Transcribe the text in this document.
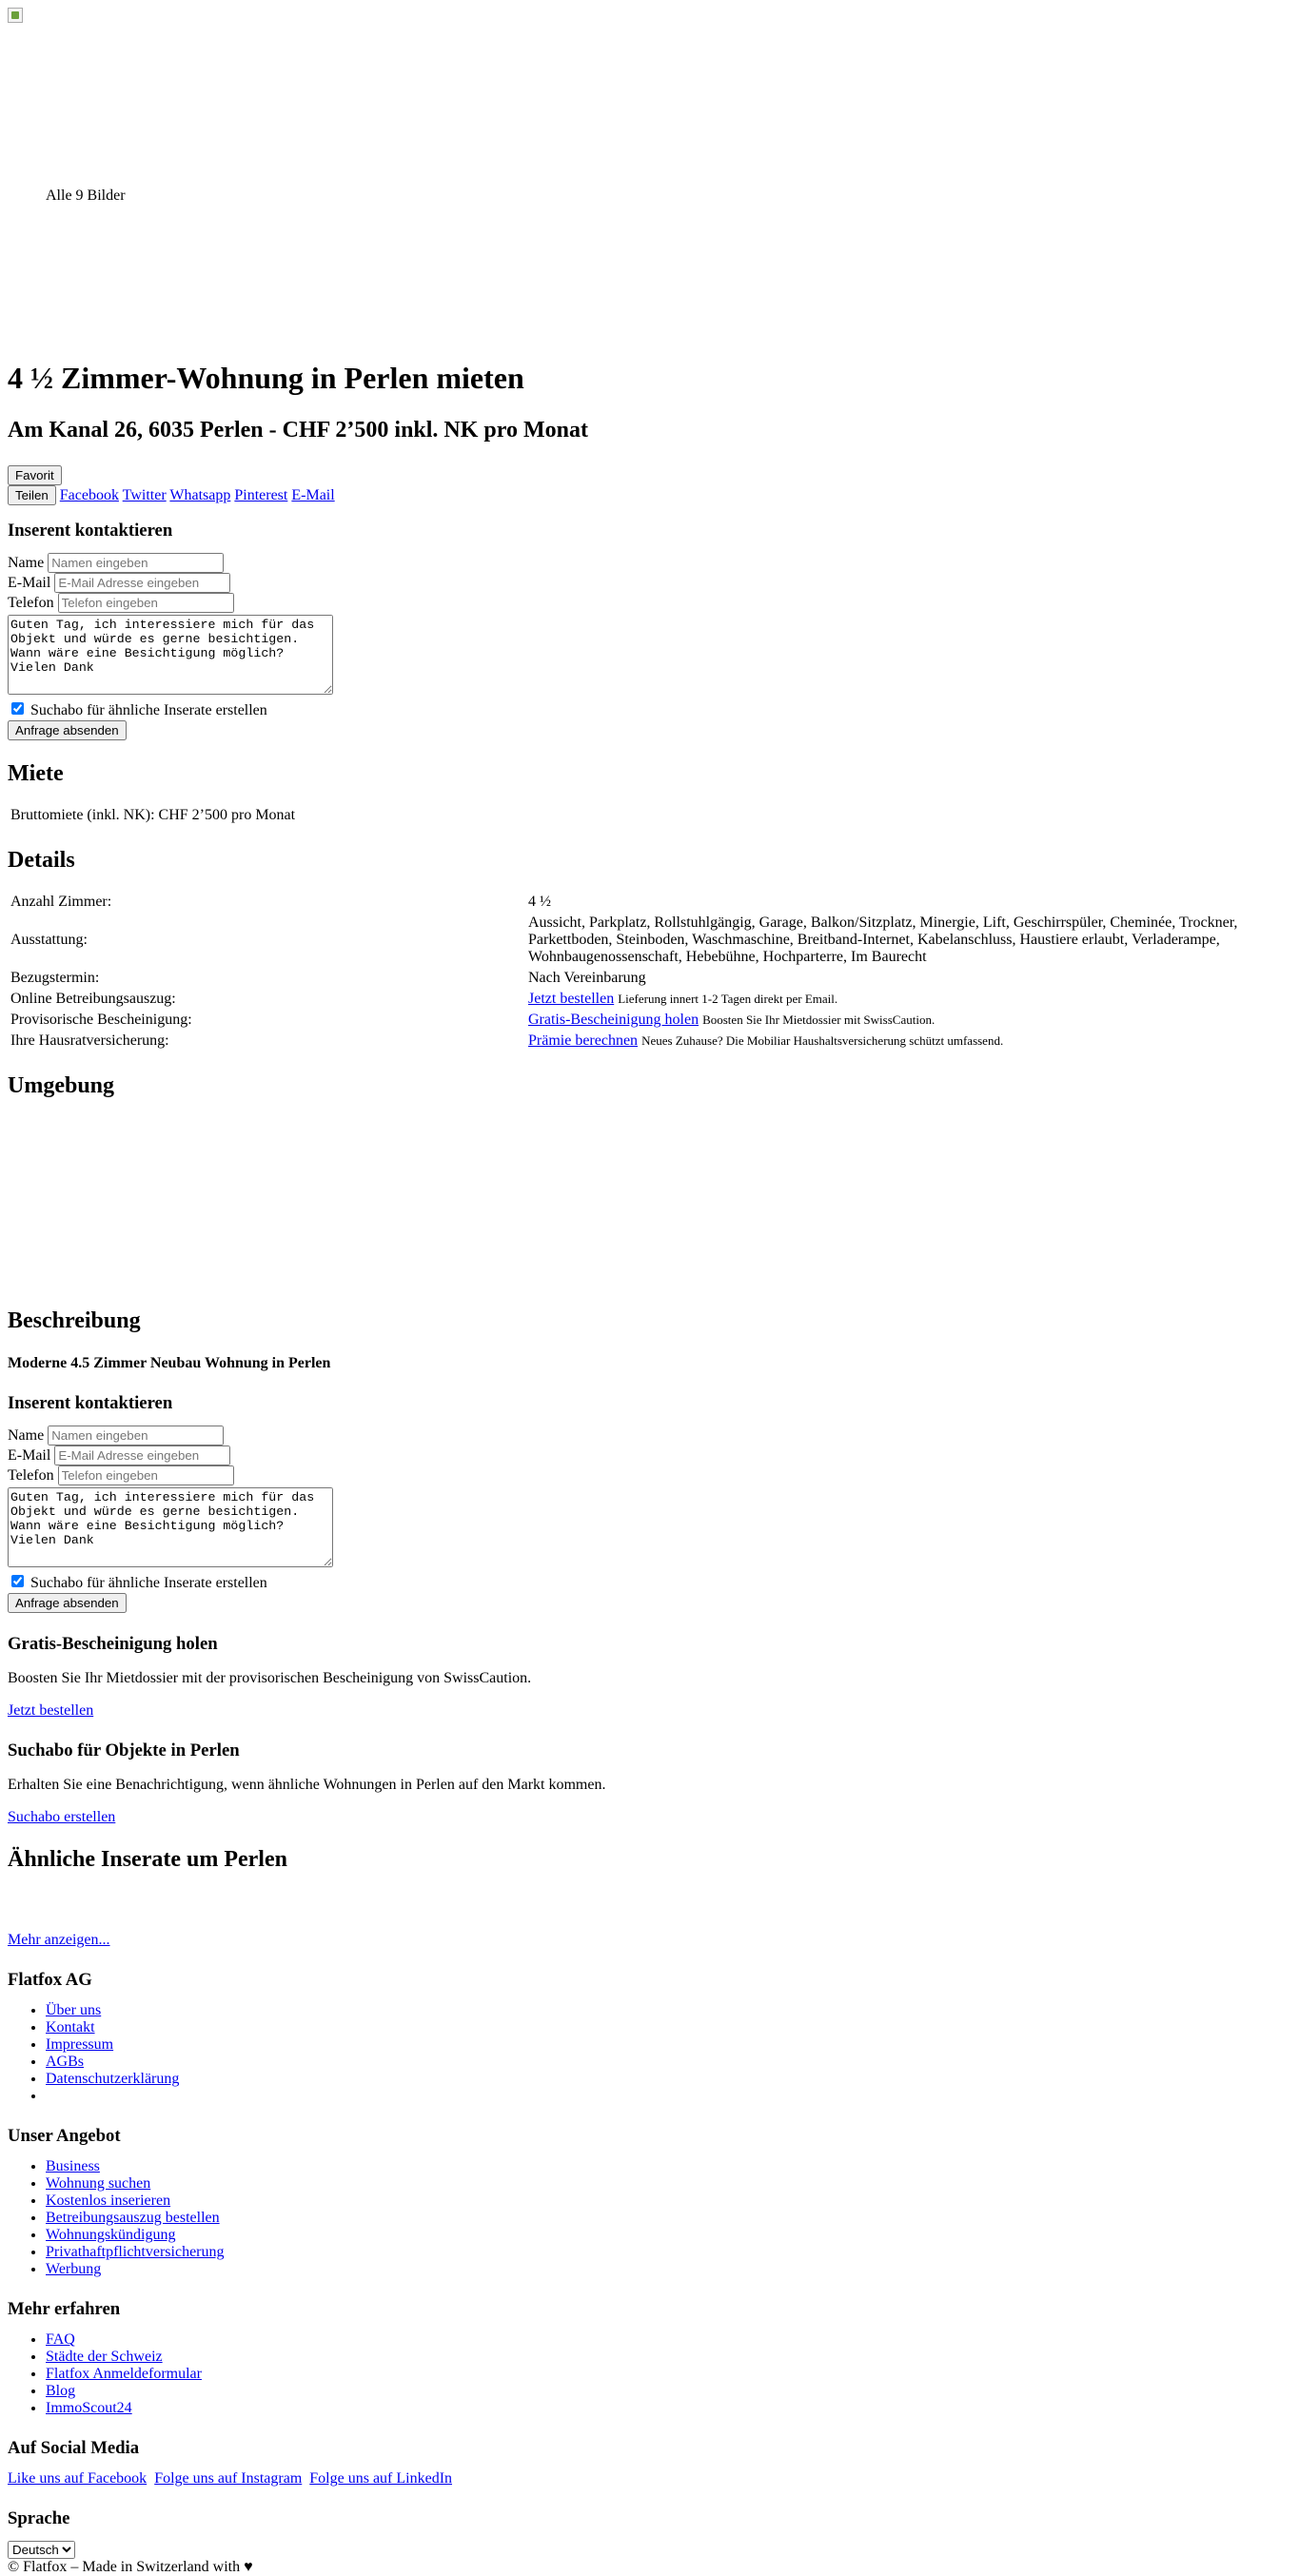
Alle 9 Bilder
4 ½ Zimmer-Wohnung in Perlen mieten
Am Kanal 26, 6035 Perlen - CHF 2’500 inkl. NK pro Monat
Favorit
Teilen Facebook Twitter Whatsapp Pinterest E-Mail
Inserent kontaktieren
Name Namen eingeben
E-Mail E-Mail Adresse eingeben
Telefon Telefon eingeben
Guten Tag, ich interessiere mich für das Objekt und würde es gerne besichtigen. Wann wäre eine Besichtigung möglich? Vielen Dank
Suchabo für ähnliche Inserate erstellen
Anfrage absenden
Miete
Bruttomiete (inkl. NK): CHF 2’500 pro Monat
Details
Anzahl Zimmer:	4 ½
Ausstattung:	Aussicht, Parkplatz, Rollstuhlgängig, Garage, Balkon/Sitzplatz, Minergie, Lift, Geschirrspüler, Cheminée, Trockner, Parkettboden, Steinboden, Waschmaschine, Breitband-Internet, Kabelanschluss, Haustiere erlaubt, Verladerampe, Wohnbaugenossenschaft, Hebebühne, Hochparterre, Im Baurecht
Bezugstermin:	Nach Vereinbarung
Online Betreibungsauszug:	Jetzt bestellen Lieferung innert 1-2 Tagen direkt per Email.
Provisorische Bescheinigung:	Gratis-Bescheinigung holen Boosten Sie Ihr Mietdossier mit SwissCaution.
Ihre Hausratversicherung:	Prämie berechnen Neues Zuhause? Die Mobiliar Haushaltsversicherung schützt umfassend.
Umgebung
Beschreibung
Moderne 4.5 Zimmer Neubau Wohnung in Perlen
Inserent kontaktieren
Name Namen eingeben
E-Mail E-Mail Adresse eingeben
Telefon Telefon eingeben
Guten Tag, ich interessiere mich für das Objekt und würde es gerne besichtigen. Wann wäre eine Besichtigung möglich? Vielen Dank
Suchabo für ähnliche Inserate erstellen
Anfrage absenden
Gratis-Bescheinigung holen

Boosten Sie Ihr Mietdossier mit der provisorischen Bescheinigung von SwissCaution.

Jetzt bestellen
Suchabo für Objekte in Perlen

Erhalten Sie eine Benachrichtigung, wenn ähnliche Wohnungen in Perlen auf den Markt kommen.

Suchabo erstellen
Ähnliche Inserate um Perlen
Mehr anzeigen...
Flatfox AG
• Über uns
• Kontakt
• Impressum
• AGBs
• Datenschutzerklärung
•
Unser Angebot
• Business
• Wohnung suchen
• Kostenlos inserieren
• Betreibungsauszug bestellen
• Wohnungskündigung
• Privathaftpflichtversicherung
• Werbung
Mehr erfahren
• FAQ
• Städte der Schweiz
• Flatfox Anmeldeformular
• Blog
• ImmoScout24
Auf Social Media
Like uns auf Facebook Folge uns auf Instagram Folge uns auf LinkedIn
Sprache
Deutsch
© Flatfox – Made in Switzerland with ♥
